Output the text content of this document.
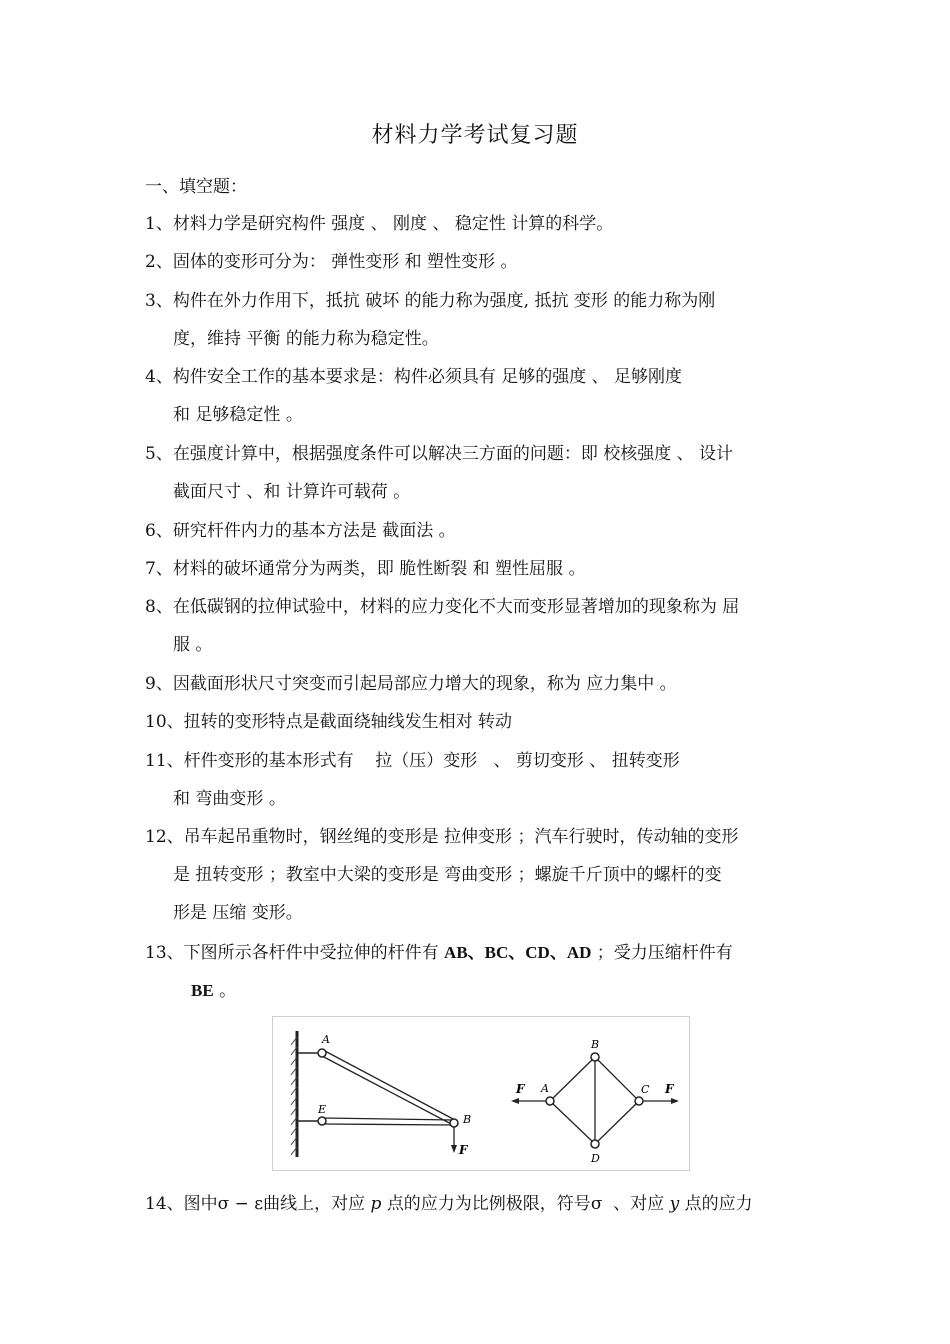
材料力学考试复习题
一、填空题：
1、材料力学是研究构件 强度 、 刚度 、 稳定性 计算的科学。
2、固体的变形可分为： 弹性变形 和 塑性变形 。
3、构件在外力作用下，抵抗 破坏 的能力称为强度, 抵抗 变形 的能力称为刚
度，维持 平衡 的能力称为稳定性。
4、构件安全工作的基本要求是：构件必须具有 足够的强度 、 足够刚度
和 足够稳定性 。
5、在强度计算中，根据强度条件可以解决三方面的问题：即 校核强度 、 设计
截面尺寸 、和 计算许可载荷 。
6、研究杆件内力的基本方法是 截面法 。
7、材料的破坏通常分为两类，即 脆性断裂 和 塑性屈服 。
8、在低碳钢的拉伸试验中，材料的应力变化不大而变形显著增加的现象称为 屈
服 。
9、因截面形状尺寸突变而引起局部应力增大的现象，称为 应力集中 。
10、扭转的变形特点是截面绕轴线发生相对 转动
11、杆件变形的基本形式有 拉（压）变形 、 剪切变形 、 扭转变形
和 弯曲变形 。
12、吊车起吊重物时，钢丝绳的变形是 拉伸变形 ；汽车行驶时，传动轴的变形
是 扭转变形 ；教室中大梁的变形是 弯曲变形 ；螺旋千斤顶中的螺杆的变
形是 压缩 变形。
13、下图所示各杆件中受拉伸的杆件有 AB、BC、CD、AD ；受力压缩杆件有
BE 。
A
E
B
F
A
B
C
D
F	F
14、图中σ − ε曲线上，对应 p 点的应力为比例极限，符号σ 、对应 y 点的应力
